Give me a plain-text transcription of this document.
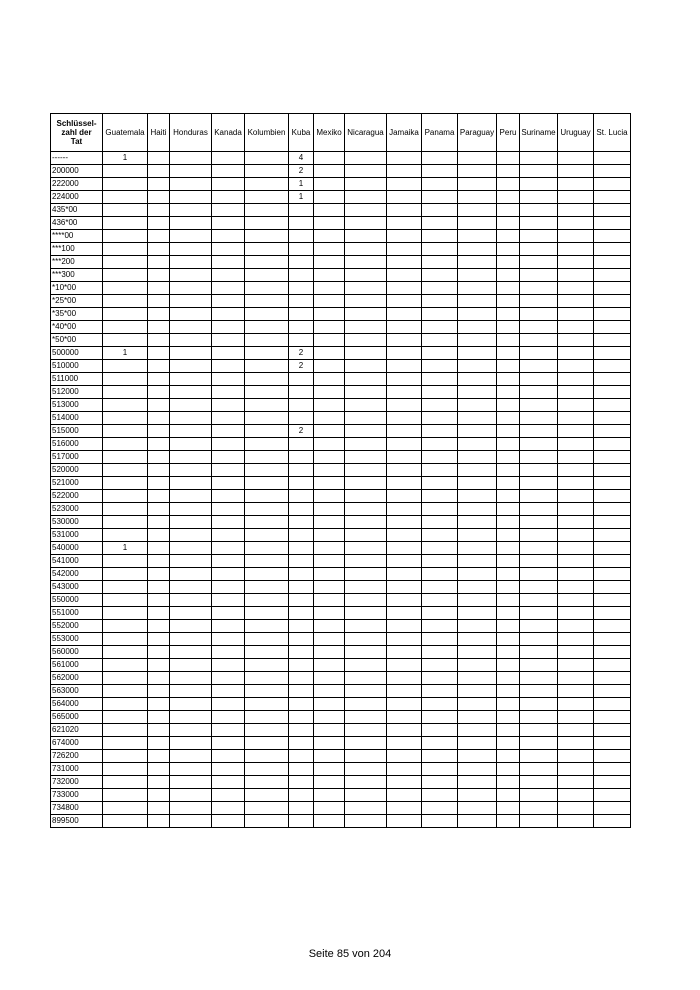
Schlüssel-
zahl der
Tat	Guatemala	Haiti	Honduras	Kanada	Kolumbien	Kuba	Mexiko	Nicaragua	Jamaika	Panama	Paraguay	Peru	Suriname	Uruguay	St. Lucia
------	1					4									
200000						2									
222000						1									
224000						1									
435*00															
436*00															
****00															
***100															
***200															
***300															
*10*00															
*25*00															
*35*00															
*40*00															
*50*00															
500000	1					2									
510000						2									
511000															
512000															
513000															
514000															
515000						2									
516000															
517000															
520000															
521000															
522000															
523000															
530000															
531000															
540000	1														
541000															
542000															
543000															
550000															
551000															
552000															
553000															
560000															
561000															
562000															
563000															
564000															
565000															
621020															
674000															
726200															
731000															
732000															
733000															
734800															
899500															
Seite 85 von 204
